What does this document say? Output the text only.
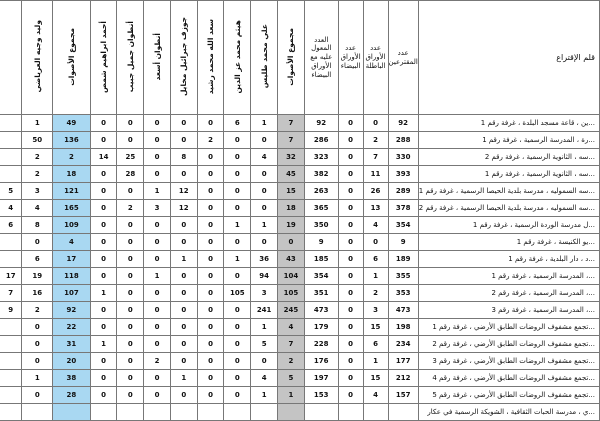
قلم الإقتراع	عدد المقترعين	عدد الأوراق الباطلة	عدد الأوراق البيضاء	العدد المعول عليه مع الأوراق البيضاء	مجموع الأصوات	علي محمد طليس	هيثم محمد عز الدين	سعد الله محمد رشيد	جوزف جبرائيل مخايل	أنطوان أسعد	أنطوان جميل جبيب	أحمد ابراهيم شمص	مجموع الأصوات	وليد وجيه العرياضي	
...ين ، قاعة مسجد البلدة ، غرفة رقم 1	92	0	0	92	7	1	6	0	0	0	0	0	49	1	
...رة ، المدرسة الرسمية ، غرفة رقم 1	288	2	0	286	7	0	0	2	0	0	0	0	136	50	
...سه ، الثانوية الرسمية ، غرفة رقم 2	330	7	0	323	32	4	0	0	8	0	25	14	2	2	
...سه ، الثانوية الرسمية ، غرفة رقم 1	393	11	0	382	45	0	0	0	0	0	28	0	18	2	
...سه السموليه ، مدرسة بلدية الحيصا الرسمية ، غرفة رقم 1	289	26	0	263	15	0	0	0	12	1	0	0	121	3	5
...سه السموليه ، مدرسة بلدية الحيصا الرسمية ، غرفة رقم 2	378	13	0	365	18	0	0	0	12	3	2	0	165	4	4
...ل مدرسة الوردة الرسمية ، غرفة رقم 1	354	4	0	350	19	1	1	0	0	0	0	0	109	8	6
...يو الكنيسة ، غرفة رقم 1	9	0	0	9	0	0	0	0	0	0	0	0	4	0	
...د ، دار البلدية ، غرفة رقم 1	189	6	0	185	43	36	1	0	1	0	0	0	17	6	
...، المدرسة الرسمية ، غرفة رقم 1	355	1	0	354	104	94	0	0	0	1	0	0	118	19	17
...، المدرسة الرسمية ، غرفة رقم 2	353	2	0	351	105	3	105	0	0	0	0	1	107	16	7
...، المدرسة الرسمية ، غرفة رقم 3	473	3	0	473	245	241	0	0	0	0	0	0	92	2	9
...تجمع مشفوف الروضات الطابق الأرضي ، غرفة رقم 1	198	15	0	179	4	1	0	0	0	0	0	0	22	0	
...تجمع مشفوف الروضات الطابق الأرضي ، غرفة رقم 2	234	6	0	228	7	5	0	0	0	0	0	1	31	0	
...تجمع مشفوف الروضات الطابق الأرضي ، غرفة رقم 3	177	1	0	176	2	0	0	0	0	2	0	0	20	0	
...تجمع مشفوف الروضات الطابق الأرضي ، غرفة رقم 4	212	15	0	197	5	4	0	0	1	0	0	0	38	1	
...تجمع مشفوف الروضات الطابق الأرضي ، غرفة رقم 5	157	4	0	153	1	1	0	0	0	0	0	0	28	0	
...ي ، مدرسة الحبات الثقافية ، الشويكة الرسمية في عكار															
